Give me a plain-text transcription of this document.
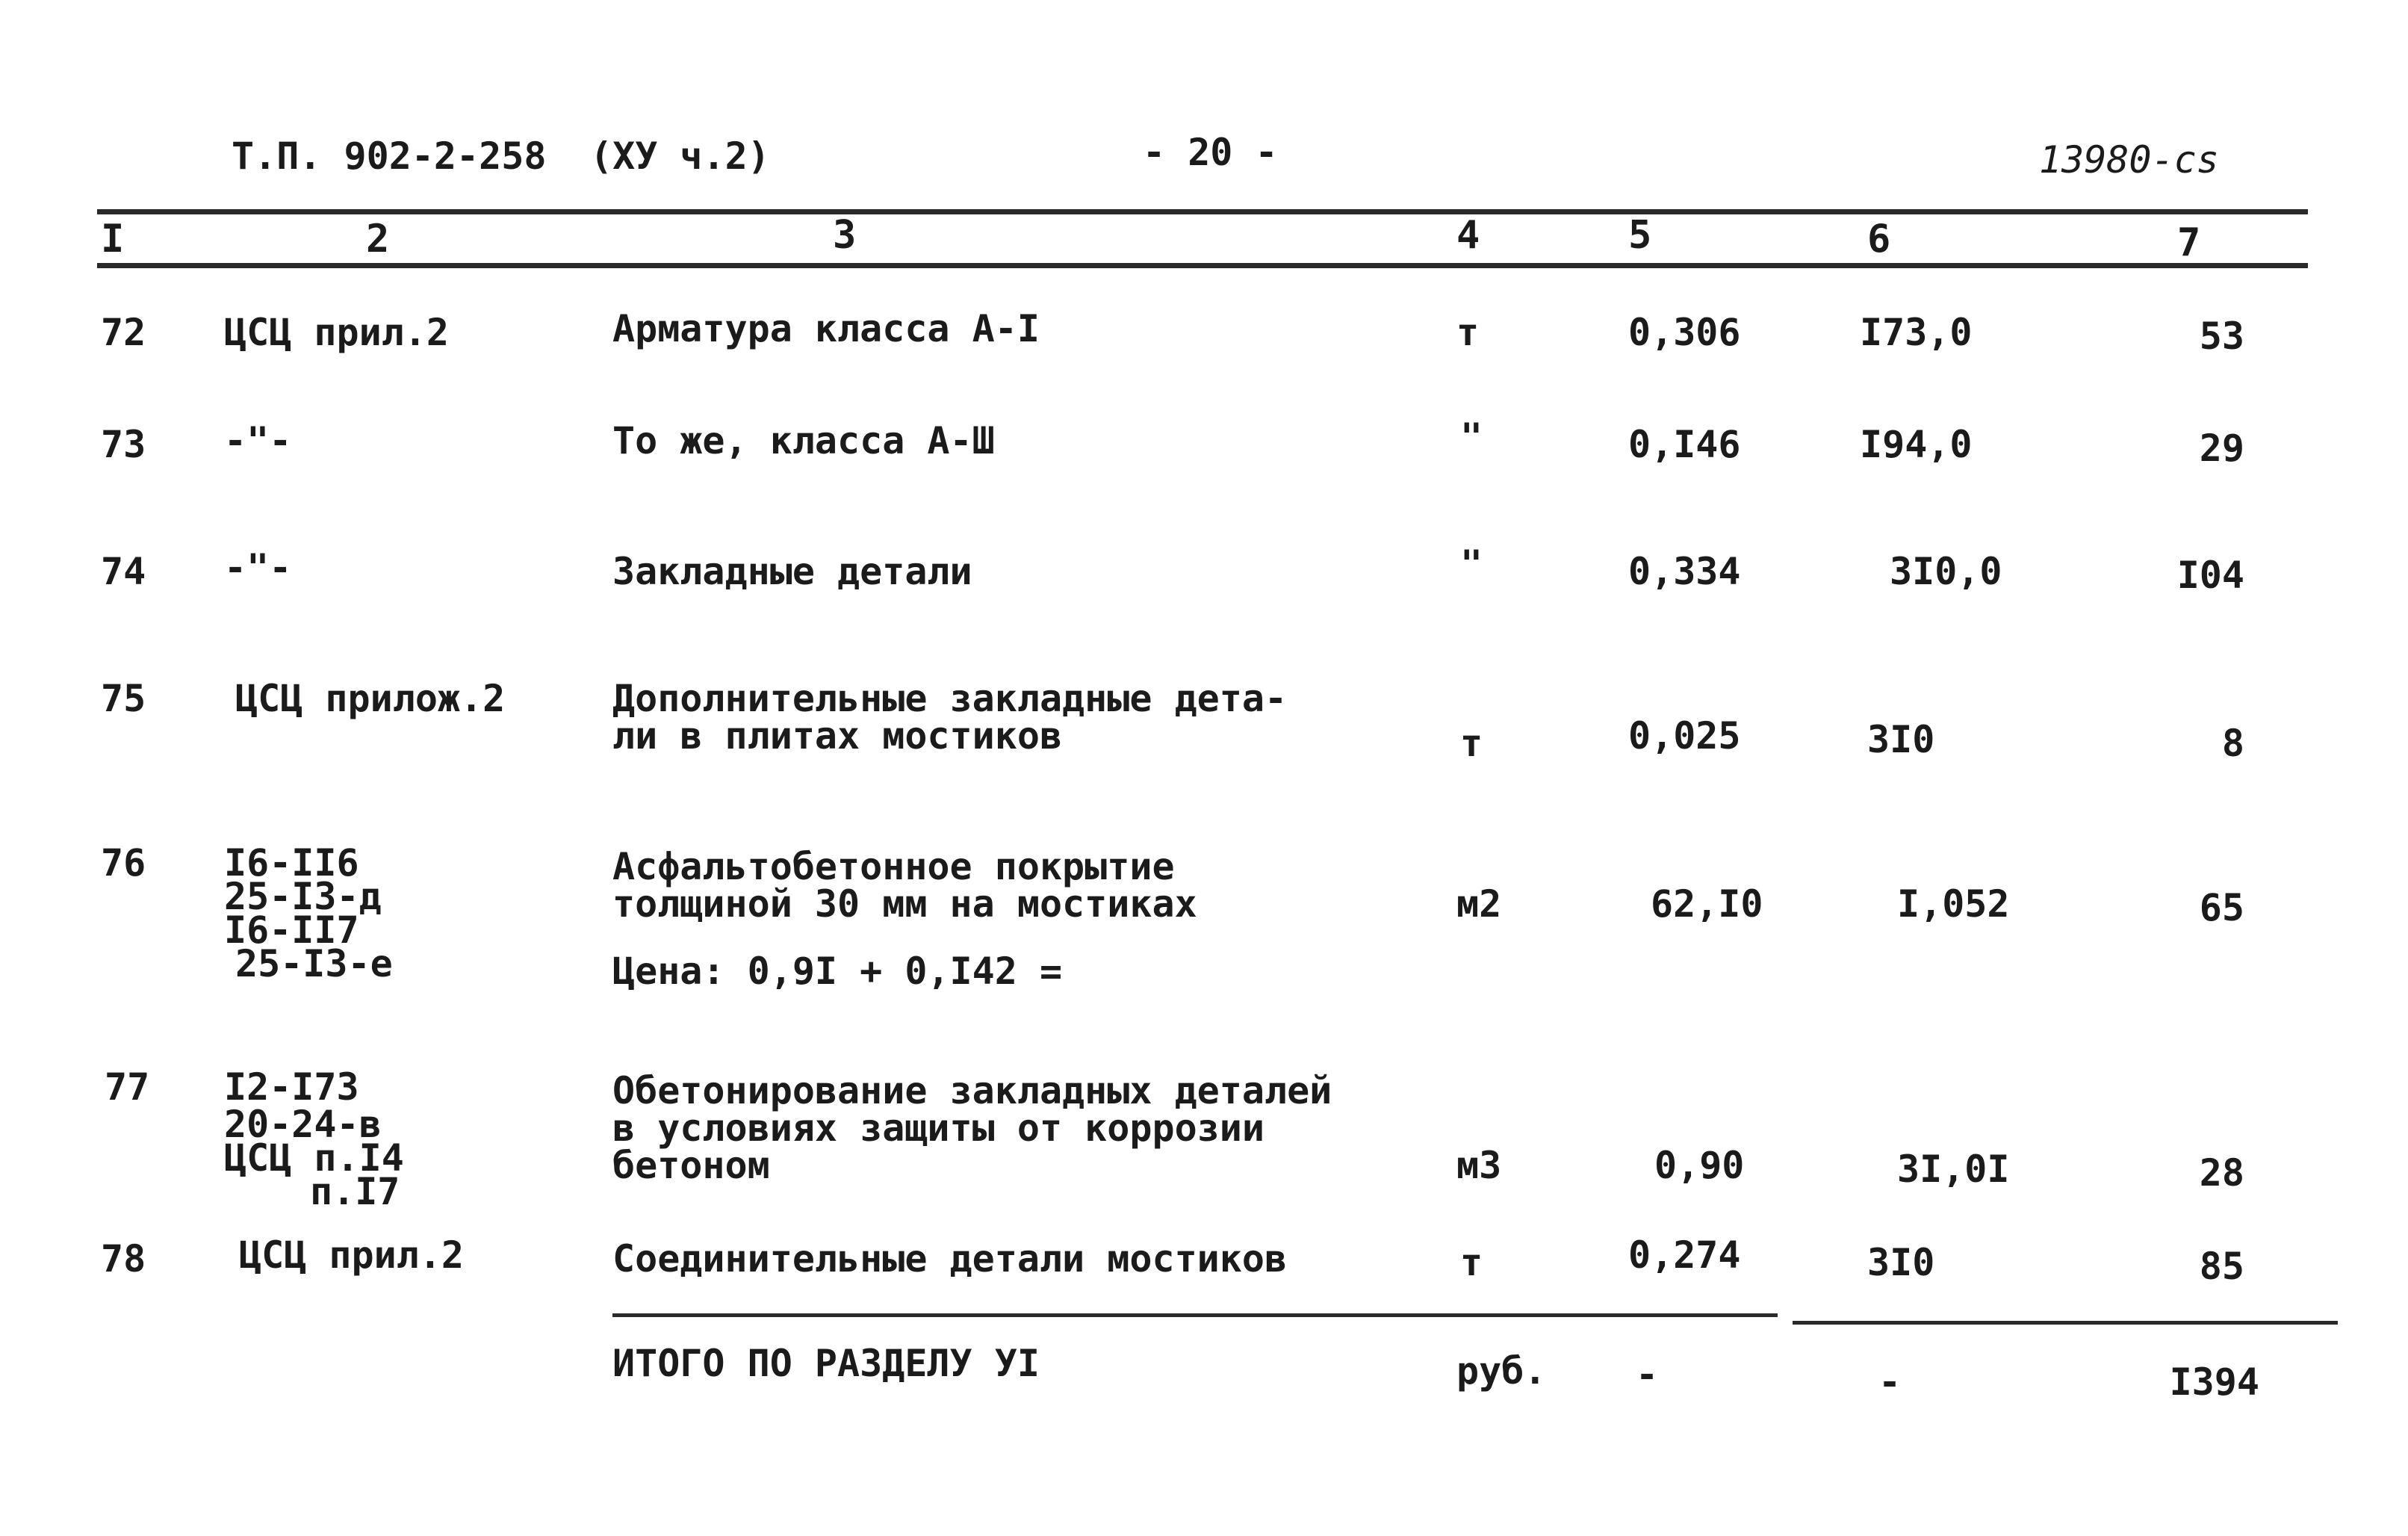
Т.П. 902-2-258 (ХУ ч.2)	- 20 -	13980-cs
I	2	3	4	5	6	7
72 ЦСЦ прил.2	Арматура класса A-I	т	0,306	I73,0	53
73 -"-	То же, класса A-Ш	"	0,I46	I94,0	29
74 -"-	Закладные детали	"	0,334	3I0,0	I04
75 ЦСЦ прилож.2	Дополнительные закладные дета-
ли в плитах мостиков	т	0,025	3I0	8
76 I6-II6
25-I3-д
I6-II7
25-I3-е
Асфальтобетонное покрытие
толщиной 30 мм на мостиках
Цена: 0,9I + 0,I42 =
м2	62,I0	I,052	65
77 I2-I73
20-24-в
ЦСЦ п.I4
п.I7
Обетонирование закладных деталей
в условиях защиты от коррозии
бетоном	м3	0,90	3I,0I	28
78 ЦСЦ прил.2	Соединительные детали мостиков	т	0,274	3I0	85
ИТОГО ПО РАЗДЕЛУ УI	руб. -	-	I394
